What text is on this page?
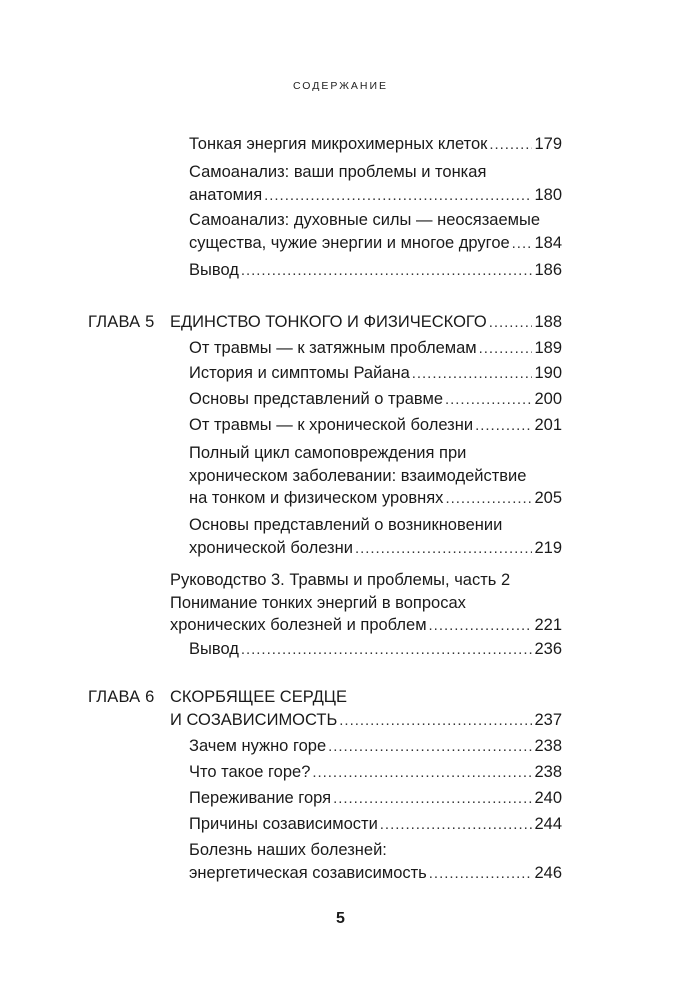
СОДЕРЖАНИЕ
Тонкая энергия микрохимерных клеток . . .	179
Самоанализ: ваши проблемы и тонкая
анатомия . . .	180
Самоанализ: духовные силы — неосязаемые
существа, чужие энергии и многое другое . . . 184
Вывод . . .	186
ГЛАВА 5 ЕДИНСТВО ТОНКОГО И ФИЗИЧЕСКОГО . . .	188
От травмы — к затяжным проблемам . . .	189
История и симптомы Райана . . .	190
Основы представлений о травме . . .	200
От травмы — к хронической болезни . . .	201
Полный цикл самоповреждения при
хроническом заболевании: взаимодействие
на тонком и физическом уровнях . . .	205
Основы представлений о возникновении
хронической болезни . . .	219
Руководство 3. Травмы и проблемы, часть 2
Понимание тонких энергий в вопросах
хронических болезней и проблем . . .	221
Вывод . . .	236
ГЛАВА 6 СКОРБЯЩЕЕ СЕРДЦЕ
И СОЗАВИСИМОСТЬ . . .	237
Зачем нужно горе . . .	238
Что такое горе? . . .	238
Переживание горя . . .	240
Причины созависимости . . .	244
Болезнь наших болезней:
энергетическая созависимость . . .	246
5
